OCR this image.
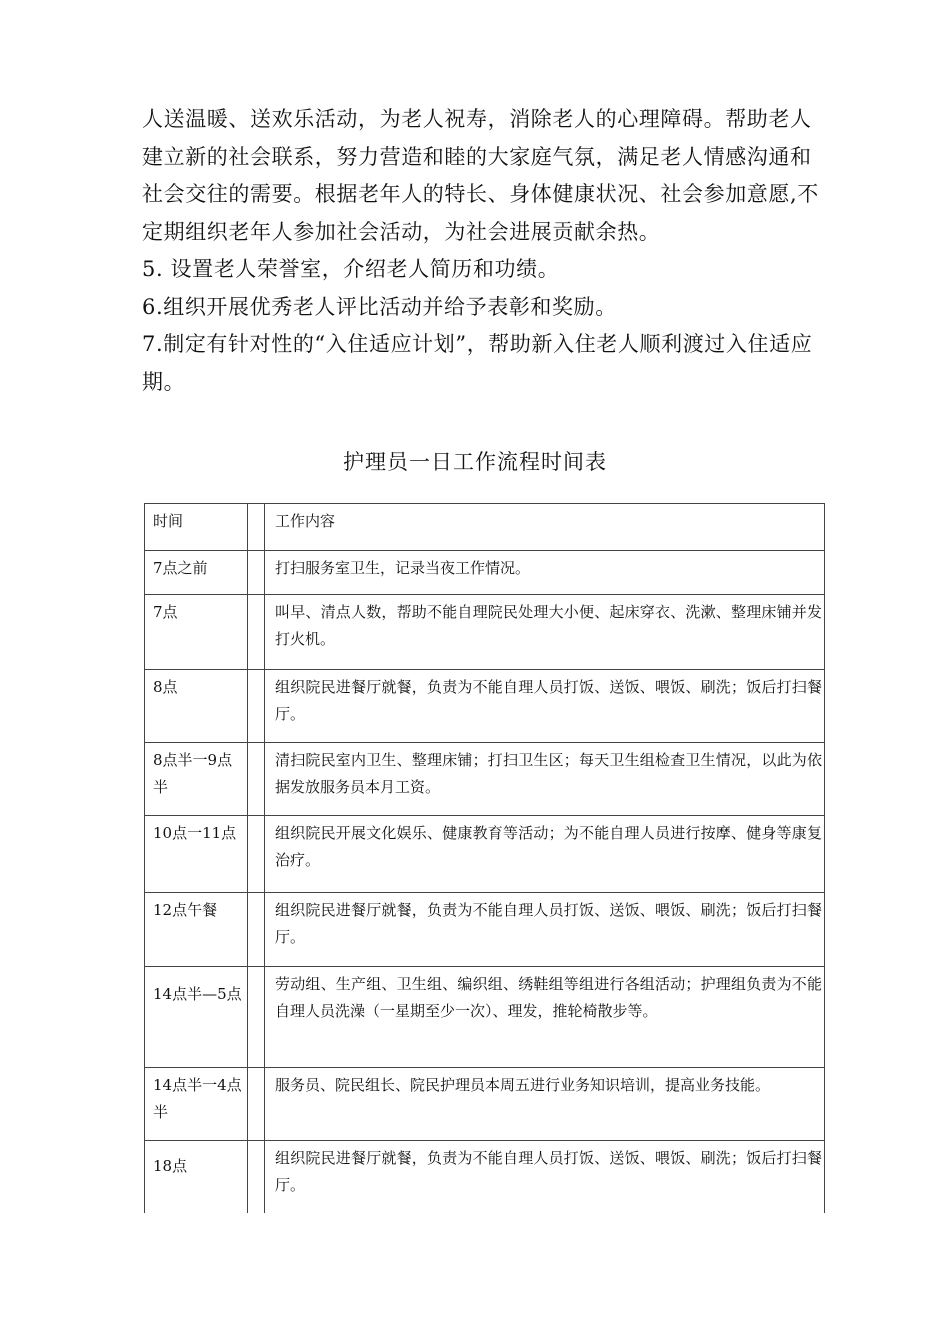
人送温暖、送欢乐活动，为老人祝寿，消除老人的心理障碍。帮助老人建立新的社会联系，努力营造和睦的大家庭气氛，满足老人情感沟通和社会交往的需要。根据老年人的特长、身体健康状况、社会参加意愿,不定期组织老年人参加社会活动，为社会进展贡献余热。

5. 设置老人荣誉室，介绍老人简历和功绩。

6.组织开展优秀老人评比活动并给予表彰和奖励。

7.制定有针对性的“入住适应计划”，帮助新入住老人顺利渡过入住适应期。

护理员一日工作流程时间表
时间		工作内容
7点之前		打扫服务室卫生，记录当夜工作情况。
7点		叫早、清点人数，帮助不能自理院民处理大小便、起床穿衣、洗漱、整理床铺并发打火机。
8点		组织院民进餐厅就餐，负责为不能自理人员打饭、送饭、喂饭、刷洗；饭后打扫餐厅。
8点半一9点半		清扫院民室内卫生、整理床铺；打扫卫生区；每天卫生组检查卫生情况，以此为依据发放服务员本月工资。
10点一11点		组织院民开展文化娱乐、健康教育等活动；为不能自理人员进行按摩、健身等康复治疗。
12点午餐		组织院民进餐厅就餐，负责为不能自理人员打饭、送饭、喂饭、刷洗；饭后打扫餐厅。
14点半—5点		劳动组、生产组、卫生组、编织组、绣鞋组等组进行各组活动；护理组负责为不能自理人员洗澡（一星期至少一次）、理发，推轮椅散步等。
14点半一4点半		服务员、院民组长、院民护理员本周五进行业务知识培训，提高业务技能。
18点		组织院民进餐厅就餐，负责为不能自理人员打饭、送饭、喂饭、刷洗；饭后打扫餐厅。
